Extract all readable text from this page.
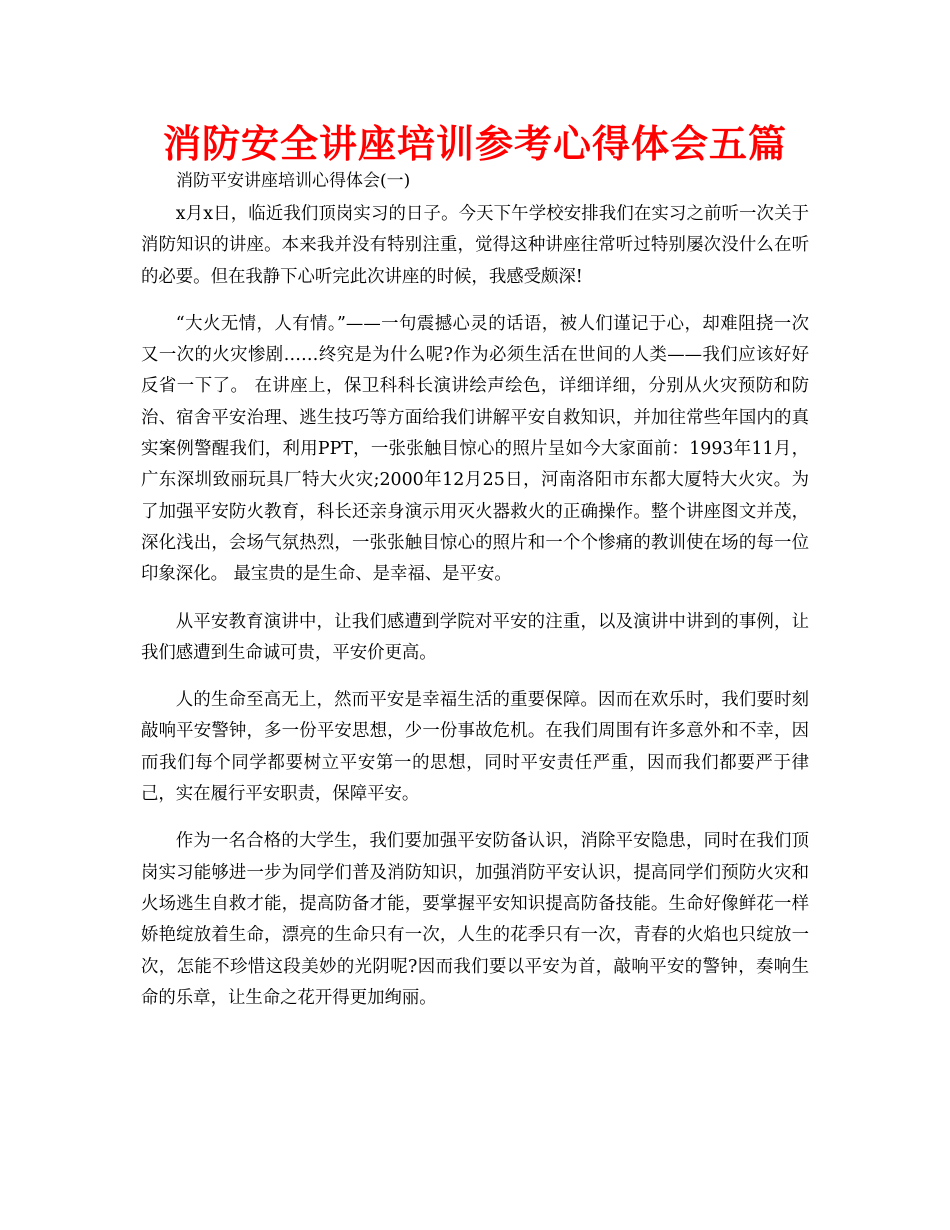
消防安全讲座培训参考心得体会五篇
消防平安讲座培训心得体会(一)

x月x日，临近我们顶岗实习的日子。今天下午学校安排我们在实习之前听一次关于消防知识的讲座。本来我并没有特别注重，觉得这种讲座往常听过特别屡次没什么在听的必要。但在我静下心听完此次讲座的时候，我感受颇深!

“大火无情，人有情。”——一句震撼心灵的话语，被人们谨记于心，却难阻挠一次又一次的火灾惨剧……终究是为什么呢?作为必须生活在世间的人类——我们应该好好反省一下了。 在讲座上，保卫科科长演讲绘声绘色，详细详细，分别从火灾预防和防治、宿舍平安治理、逃生技巧等方面给我们讲解平安自救知识，并加往常些年国内的真实案例警醒我们，利用PPT，一张张触目惊心的照片呈如今大家面前：1993年11月，广东深圳致丽玩具厂特大火灾;2000年12月25日，河南洛阳市东都大厦特大火灾。为了加强平安防火教育，科长还亲身演示用灭火器救火的正确操作。整个讲座图文并茂，深化浅出，会场气氛热烈，一张张触目惊心的照片和一个个惨痛的教训使在场的每一位印象深化。 最宝贵的是生命、是幸福、是平安。

从平安教育演讲中，让我们感遭到学院对平安的注重，以及演讲中讲到的事例，让我们感遭到生命诚可贵，平安价更高。

人的生命至高无上，然而平安是幸福生活的重要保障。因而在欢乐时，我们要时刻敲响平安警钟，多一份平安思想，少一份事故危机。在我们周围有许多意外和不幸，因而我们每个同学都要树立平安第一的思想，同时平安责任严重，因而我们都要严于律己，实在履行平安职责，保障平安。

作为一名合格的大学生，我们要加强平安防备认识，消除平安隐患，同时在我们顶岗实习能够进一步为同学们普及消防知识，加强消防平安认识，提高同学们预防火灾和火场逃生自救才能，提高防备才能，要掌握平安知识提高防备技能。生命好像鲜花一样娇艳绽放着生命，漂亮的生命只有一次，人生的花季只有一次，青春的火焰也只绽放一次，怎能不珍惜这段美妙的光阴呢?因而我们要以平安为首，敲响平安的警钟，奏响生命的乐章，让生命之花开得更加绚丽。
